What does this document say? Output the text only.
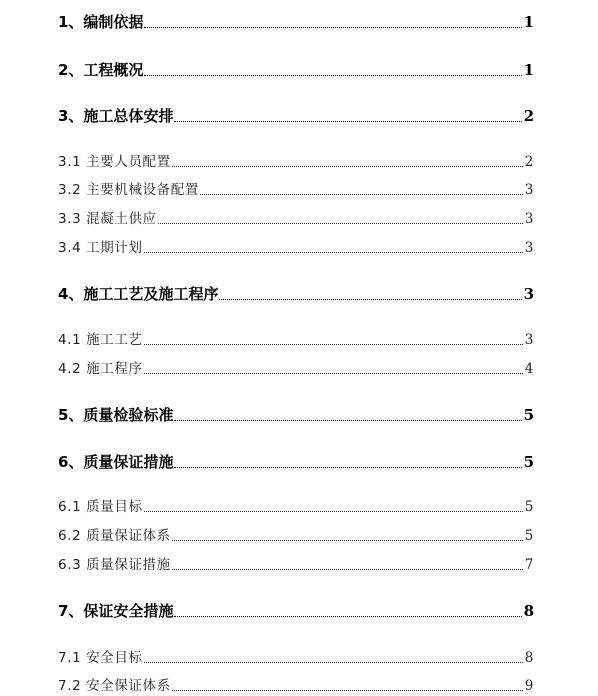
1、编制依据	1
2、工程概况	1
3、施工总体安排	2
3.1 主要人员配置	2
3.2 主要机械设备配置	3
3.3 混凝土供应	3
3.4 工期计划	3
4、施工工艺及施工程序	3
4.1 施工工艺	3
4.2 施工程序	4
5、质量检验标准	5
6、质量保证措施	5
6.1 质量目标	5
6.2 质量保证体系	5
6.3 质量保证措施	7
7、保证安全措施	8
7.1 安全目标	8
7.2 安全保证体系	9
